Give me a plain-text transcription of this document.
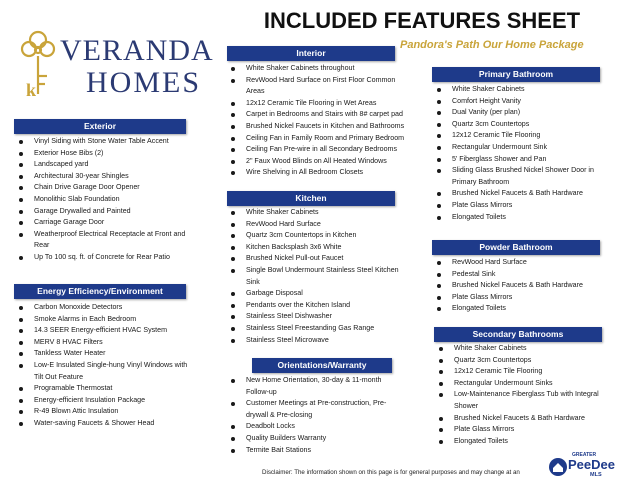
k
VERANDA
HOMES
INCLUDED FEATURES SHEET
Pandora's Path Our Home Package
Exterior
Vinyl Siding with Stone Water Table Accent
Exterior Hose Bibs (2)
Landscaped yard
Architectural 30-year Shingles
Chain Drive Garage Door Opener
Monolithic Slab Foundation
Garage Drywalled and Painted
Carriage Garage Door
Weatherproof Electrical Receptacle at Front and Rear
Up To 100 sq. ft. of Concrete for Rear Patio
Energy Efficiency/Environment
Carbon Monoxide Detectors
Smoke Alarms in Each Bedroom
14.3 SEER Energy-efficient HVAC System
MERV 8 HVAC Filters
Tankless Water Heater
Low-E Insulated Single-hung Vinyl Windows with Tilt Out Feature
Programable Thermostat
Energy-efficient Insulation Package
R-49 Blown Attic Insulation
Water-saving Faucets & Shower Head
Interior
White Shaker Cabinets throughout
RevWood Hard Surface on First Floor Common Areas
12x12 Ceramic Tile Flooring in Wet Areas
Carpet in Bedrooms and Stairs with 8# carpet pad
Brushed Nickel Faucets in Kitchen and Bathrooms
Ceiling Fan in Family Room and Primary Bedroom
Ceiling Fan Pre-wire in all Secondary Bedrooms
2" Faux Wood Blinds on All Heated Windows
Wire Shelving in All Bedroom Closets
Kitchen
White Shaker Cabinets
RevWood Hard Surface
Quartz 3cm Countertops in Kitchen
Kitchen Backsplash 3x6 White
Brushed Nickel Pull-out Faucet
Single Bowl Undermount Stainless Steel Kitchen Sink
Garbage Disposal
Pendants over the Kitchen Island
Stainless Steel Dishwasher
Stainless Steel Freestanding Gas Range
Stainless Steel Microwave
Orientations/Warranty
New Home Orientation, 30-day & 11-month Follow-up
Customer Meetings at Pre-construction, Pre-drywall & Pre-closing
Deadbolt Locks
Quality Builders Warranty
Termite Bait Stations
Primary Bathroom
White Shaker Cabinets
Comfort Height Vanity
Dual Vanity (per plan)
Quartz 3cm Countertops
12x12 Ceramic Tile Flooring
Rectangular Undermount Sink
5' Fiberglass Shower and Pan
Sliding Glass Brushed Nickel Shower Door in Primary Bathroom
Brushed Nickel Faucets & Bath Hardware
Plate Glass Mirrors
Elongated Toilets
Powder Bathroom
RevWood Hard Surface
Pedestal Sink
Brushed Nickel Faucets & Bath Hardware
Plate Glass Mirrors
Elongated Toilets
Secondary Bathrooms
White Shaker Cabinets
Quartz 3cm Countertops
12x12 Ceramic Tile Flooring
Rectangular Undermount Sinks
Low-Maintenance Fiberglass Tub with Integral Shower
Brushed Nickel Faucets & Bath Hardware
Plate Glass Mirrors
Elongated Toilets
Disclaimer: The information shown on this page is for general purposes and may change at an
GREATER
PeeDee
MLS
